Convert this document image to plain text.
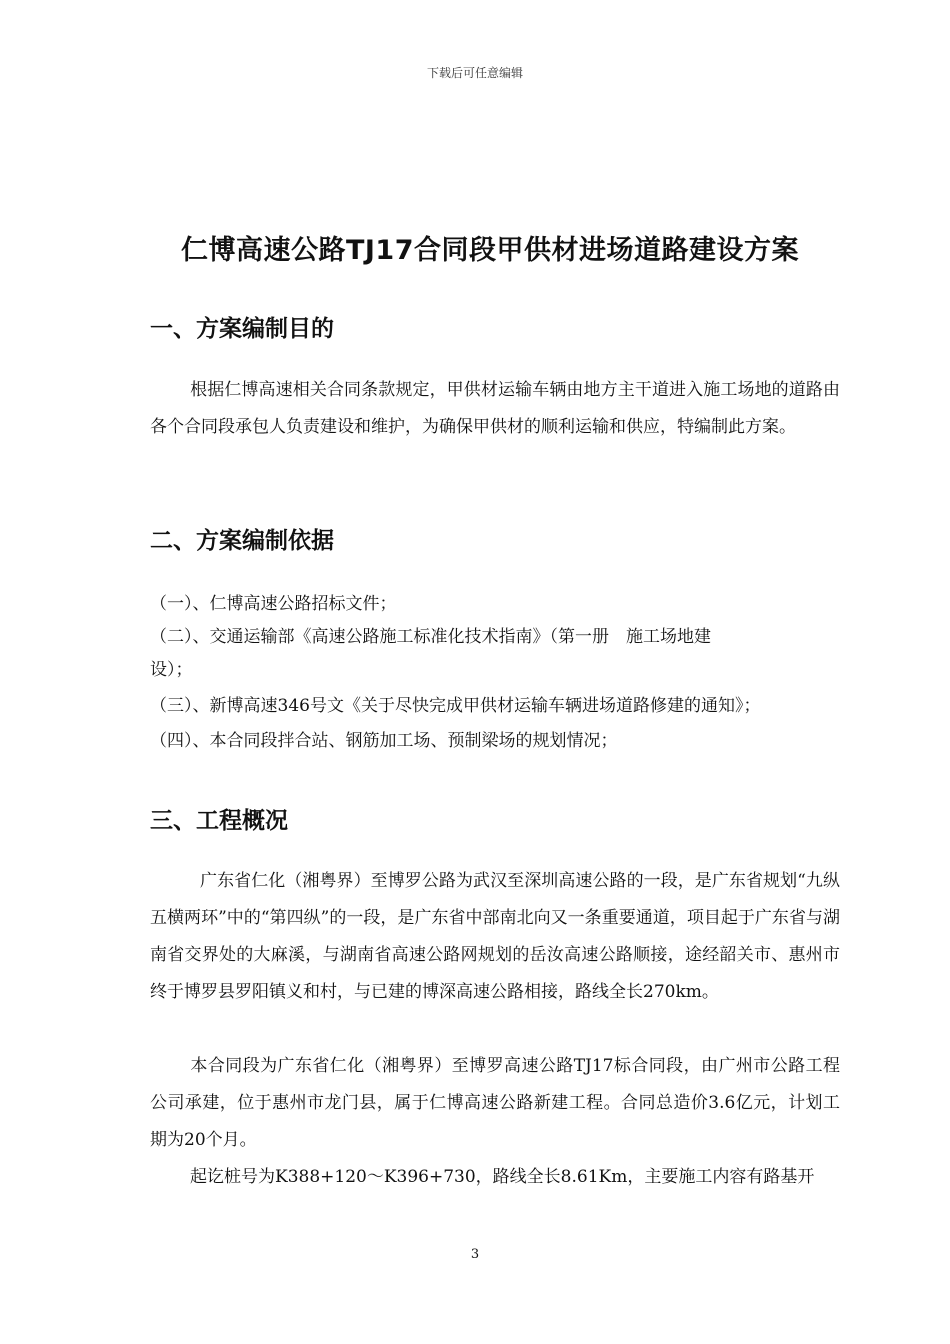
下载后可任意编辑
仁博高速公路TJ17合同段甲供材进场道路建设方案
一、方案编制目的
根据仁博高速相关合同条款规定，甲供材运输车辆由地方主干道进入施工场地的道路由各个合同段承包人负责建设和维护，为确保甲供材的顺利运输和供应，特编制此方案。
二、方案编制依据
（一）、仁博高速公路招标文件；
（二）、交通运输部《高速公路施工标准化技术指南》（第一册　施工场地建
设）；
（三）、新博高速346号文《关于尽快完成甲供材运输车辆进场道路修建的通知》；
（四）、本合同段拌合站、钢筋加工场、预制梁场的规划情况；
三、工程概况
广东省仁化（湘粤界）至博罗公路为武汉至深圳高速公路的一段，是广东省规划“九纵五横两环”中的“第四纵”的一段，是广东省中部南北向又一条重要通道，项目起于广东省与湖南省交界处的大麻溪，与湖南省高速公路网规划的岳汝高速公路顺接，途经韶关市、惠州市终于博罗县罗阳镇义和村，与已建的博深高速公路相接，路线全长270km。
本合同段为广东省仁化（湘粤界）至博罗高速公路TJ17标合同段，由广州市公路工程公司承建，位于惠州市龙门县，属于仁博高速公路新建工程。合同总造价3.6亿元，计划工期为20个月。
起讫桩号为K388+120～K396+730，路线全长8.61Km，主要施工内容有路基开
3
